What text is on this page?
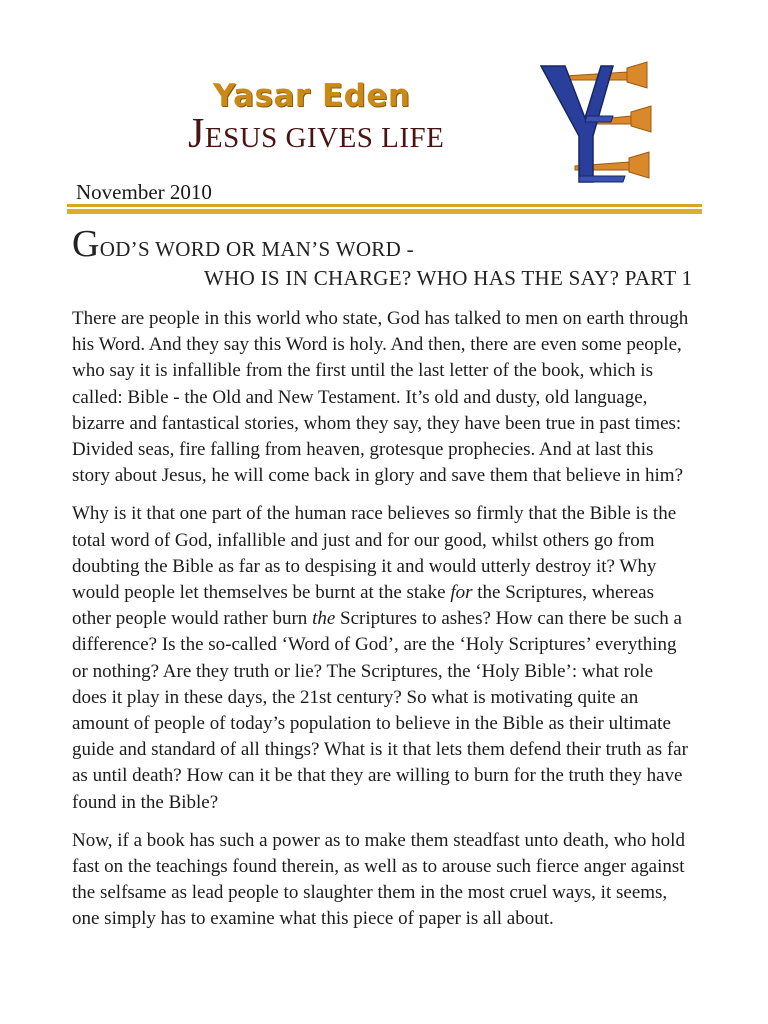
Yasar Eden
JESUS GIVES LIFE
November 2010
GOD’S WORD OR MAN’S WORD -
WHO IS IN CHARGE? WHO HAS THE SAY? PART 1

There are people in this world who state, God has talked to men on earth through his Word. And they say this Word is holy. And then, there are even some people, who say it is infallible from the first until the last letter of the book, which is called: Bible - the Old and New Testament. It’s old and dusty, old language, bizarre and fantastical stories, whom they say, they have been true in past times: Divided seas, fire falling from heaven, grotesque prophecies. And at last this story about Jesus, he will come back in glory and save them that believe in him?

Why is it that one part of the human race believes so firmly that the Bible is the total word of God, infallible and just and for our good, whilst others go from doubting the Bible as far as to despising it and would utterly destroy it? Why would people let themselves be burnt at the stake for the Scriptures, whereas other people would rather burn the Scriptures to ashes? How can there be such a difference? Is the so-called ‘Word of God’, are the ‘Holy Scriptures’ everything or nothing? Are they truth or lie? The Scriptures, the ‘Holy Bible’: what role does it play in these days, the 21st century? So what is motivating quite an amount of people of today’s population to believe in the Bible as their ultimate guide and standard of all things? What is it that lets them defend their truth as far as until death? How can it be that they are willing to burn for the truth they have found in the Bible?

Now, if a book has such a power as to make them steadfast unto death, who hold fast on the teachings found therein, as well as to arouse such fierce anger against the selfsame as lead people to slaughter them in the most cruel ways, it seems, one simply has to examine what this piece of paper is all about.
